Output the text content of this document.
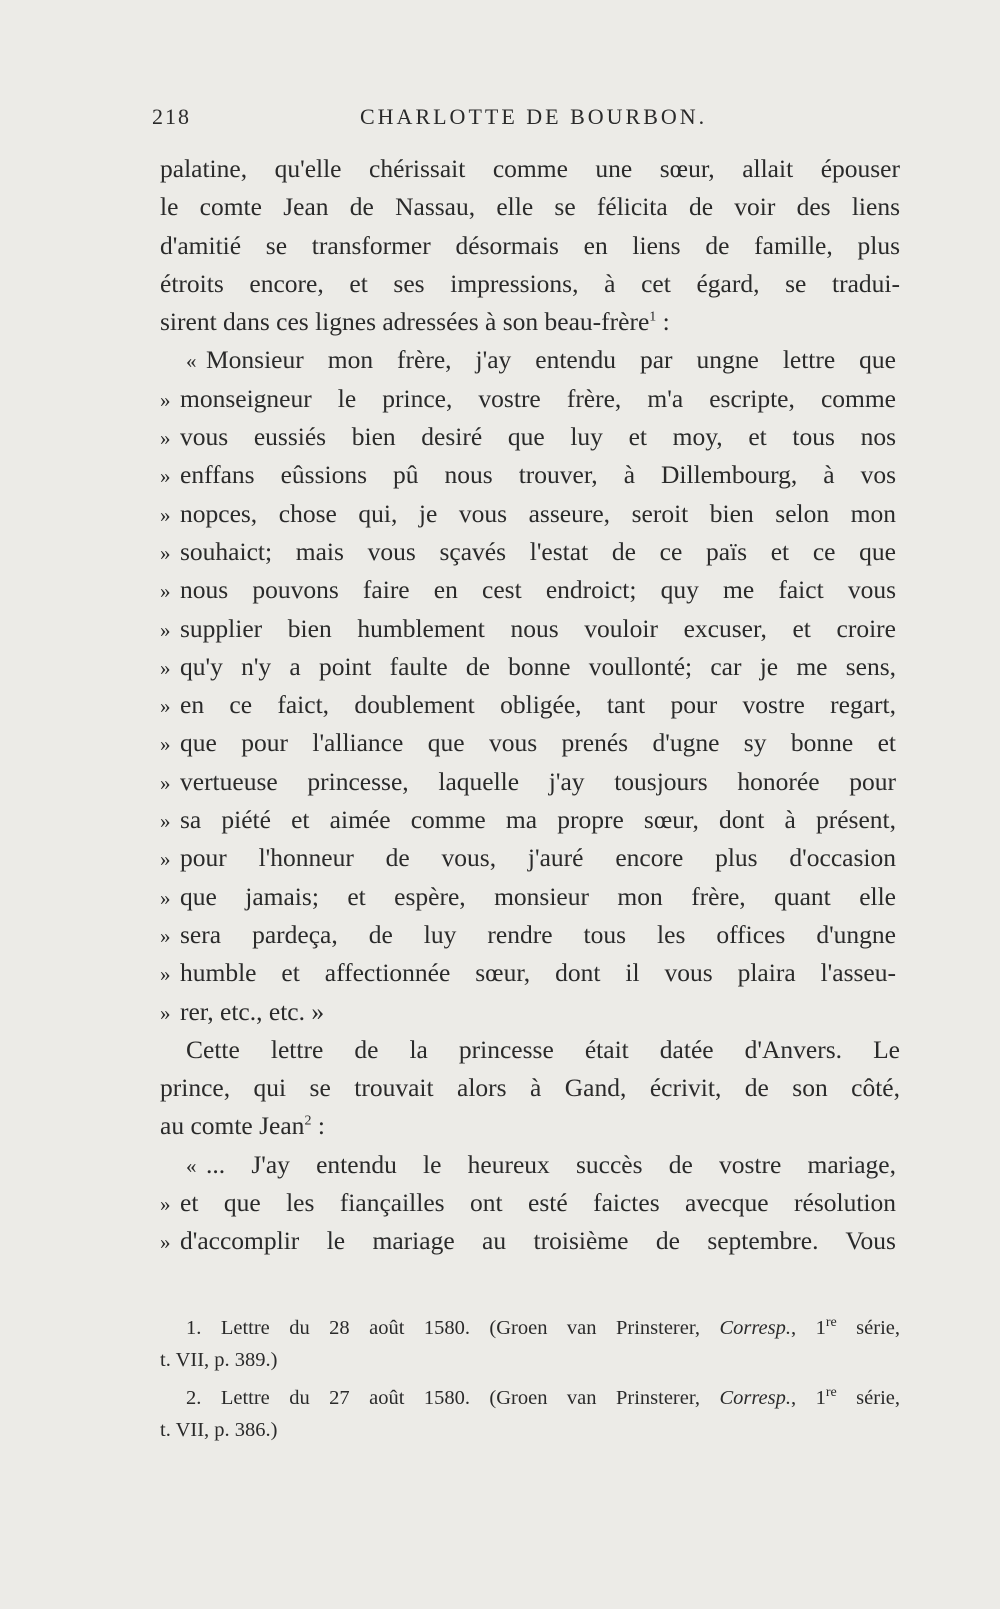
218	CHARLOTTE DE BOURBON.
palatine, qu'elle chérissait comme une sœur, allait épouser
le comte Jean de Nassau, elle se félicita de voir des liens
d'amitié se transformer désormais en liens de famille, plus
étroits encore, et ses impressions, à cet égard, se tradui-
sirent dans ces lignes adressées à son beau-frère$^1$ :
« Monsieur mon frère, j'ay entendu par ungne lettre que
» monseigneur le prince, vostre frère, m'a escripte, comme
» vous eussiés bien desiré que luy et moy, et tous nos
» enffans eûssions pû nous trouver, à Dillembourg, à vos
» nopces, chose qui, je vous asseure, seroit bien selon mon
» souhaict; mais vous sçavés l'estat de ce païs et ce que
» nous pouvons faire en cest endroict; quy me faict vous
» supplier bien humblement nous vouloir excuser, et croire
» qu'y n'y a point faulte de bonne voullonté; car je me sens,
» en ce faict, doublement obligée, tant pour vostre regart,
» que pour l'alliance que vous prenés d'ugne sy bonne et
» vertueuse princesse, laquelle j'ay tousjours honorée pour
» sa piété et aimée comme ma propre sœur, dont à présent,
» pour l'honneur de vous, j'auré encore plus d'occasion
» que jamais; et espère, monsieur mon frère, quant elle
» sera pardeça, de luy rendre tous les offices d'ungne
» humble et affectionnée sœur, dont il vous plaira l'asseu-
» rer, etc., etc. »
Cette lettre de la princesse était datée d'Anvers. Le
prince, qui se trouvait alors à Gand, écrivit, de son côté,
au comte Jean$^2$ :
« ... J'ay entendu le heureux succès de vostre mariage,
» et que les fiançailles ont esté faictes avecque résolution
» d'accomplir le mariage au troisième de septembre. Vous
1. Lettre du 28 août 1580. (Groen van Prinsterer, Corresp., 1re série,
t. VII, p. 389.)
2. Lettre du 27 août 1580. (Groen van Prinsterer, Corresp., 1re série,
t. VII, p. 386.)
